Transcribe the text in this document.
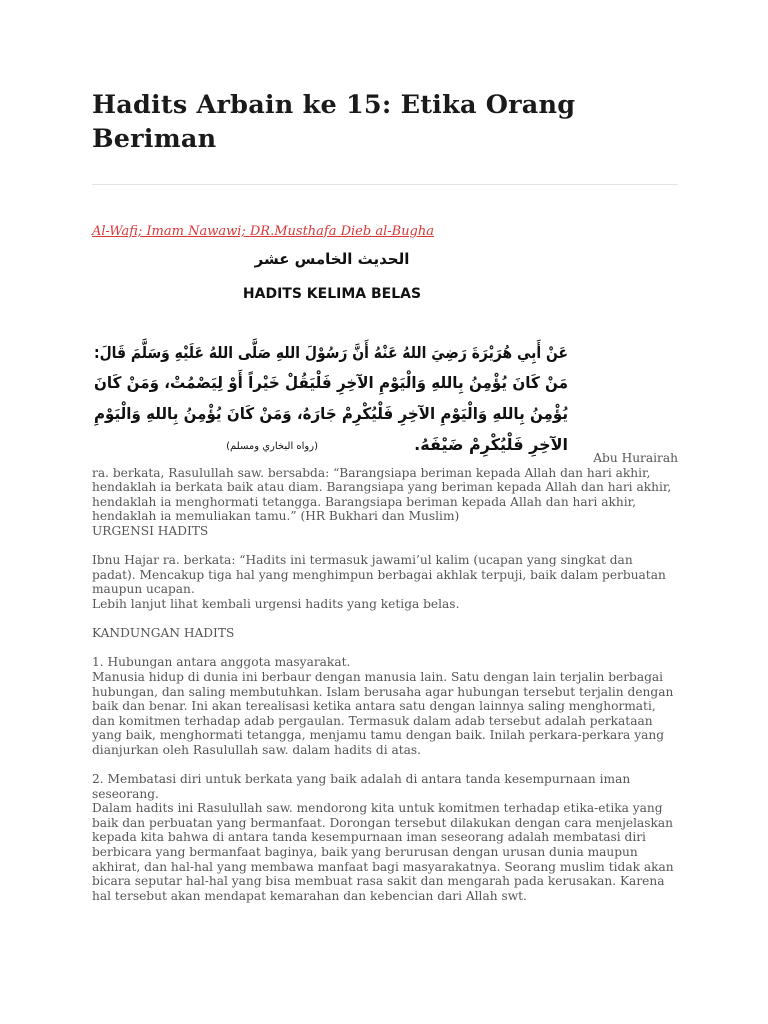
Hadits Arbain ke 15: Etika Orang Beriman
Al-Wafi; Imam Nawawi; DR.Musthafa Dieb al-Bugha
الحديث الخامس عشر
HADITS KELIMA BELAS
عَنْ أَبِي هُرَيْرَةَ رَضِيَ اللهُ عَنْهُ أَنَّ رَسُوْلَ اللهِ صَلَّى اللهُ عَلَيْهِ وَسَلَّمَ قَالَ:
مَنْ كَانَ يُؤْمِنُ بِاللهِ وَالْيَوْمِ الآخِرِ فَلْيَقُلْ خَيْراً أَوْ لِيَصْمُتْ، وَمَنْ كَانَ
يُؤْمِنُ بِاللهِ وَالْيَوْمِ الآخِرِ فَلْيُكْرِمْ جَارَهُ، وَمَنْ كَانَ يُؤْمِنُ بِاللهِ وَالْيَوْمِ
الآخِرِ فَلْيُكْرِمْ ضَيْفَهُ.
(رواه البخاري ومسلم)
Abu Hurairah

ra. berkata, Rasulullah saw. bersabda: “Barangsiapa beriman kepada Allah dan hari akhir, hendaklah ia berkata baik atau diam. Barangsiapa yang beriman kepada Allah dan hari akhir, hendaklah ia menghormati tetangga. Barangsiapa beriman kepada Allah dan hari akhir, hendaklah ia memuliakan tamu.” (HR Bukhari dan Muslim)

URGENSI HADITS

Ibnu Hajar ra. berkata: “Hadits ini termasuk jawami’ul kalim (ucapan yang singkat dan padat). Mencakup tiga hal yang menghimpun berbagai akhlak terpuji, baik dalam perbuatan maupun ucapan.

Lebih lanjut lihat kembali urgensi hadits yang ketiga belas.

KANDUNGAN HADITS

1. Hubungan antara anggota masyarakat.

Manusia hidup di dunia ini berbaur dengan manusia lain. Satu dengan lain terjalin berbagai hubungan, dan saling membutuhkan. Islam berusaha agar hubungan tersebut terjalin dengan baik dan benar. Ini akan terealisasi ketika antara satu dengan lainnya saling menghormati, dan komitmen terhadap adab pergaulan. Termasuk dalam adab tersebut adalah perkataan yang baik, menghormati tetangga, menjamu tamu dengan baik. Inilah perkara-perkara yang dianjurkan oleh Rasulullah saw. dalam hadits di atas.

2. Membatasi diri untuk berkata yang baik adalah di antara tanda kesempurnaan iman seseorang.

Dalam hadits ini Rasulullah saw. mendorong kita untuk komitmen terhadap etika-etika yang baik dan perbuatan yang bermanfaat. Dorongan tersebut dilakukan dengan cara menjelaskan kepada kita bahwa di antara tanda kesempurnaan iman seseorang adalah membatasi diri berbicara yang bermanfaat baginya, baik yang berurusan dengan urusan dunia maupun akhirat, dan hal-hal yang membawa manfaat bagi masyarakatnya. Seorang muslim tidak akan bicara seputar hal-hal yang bisa membuat rasa sakit dan mengarah pada kerusakan. Karena hal tersebut akan mendapat kemarahan dan kebencian dari Allah swt.
